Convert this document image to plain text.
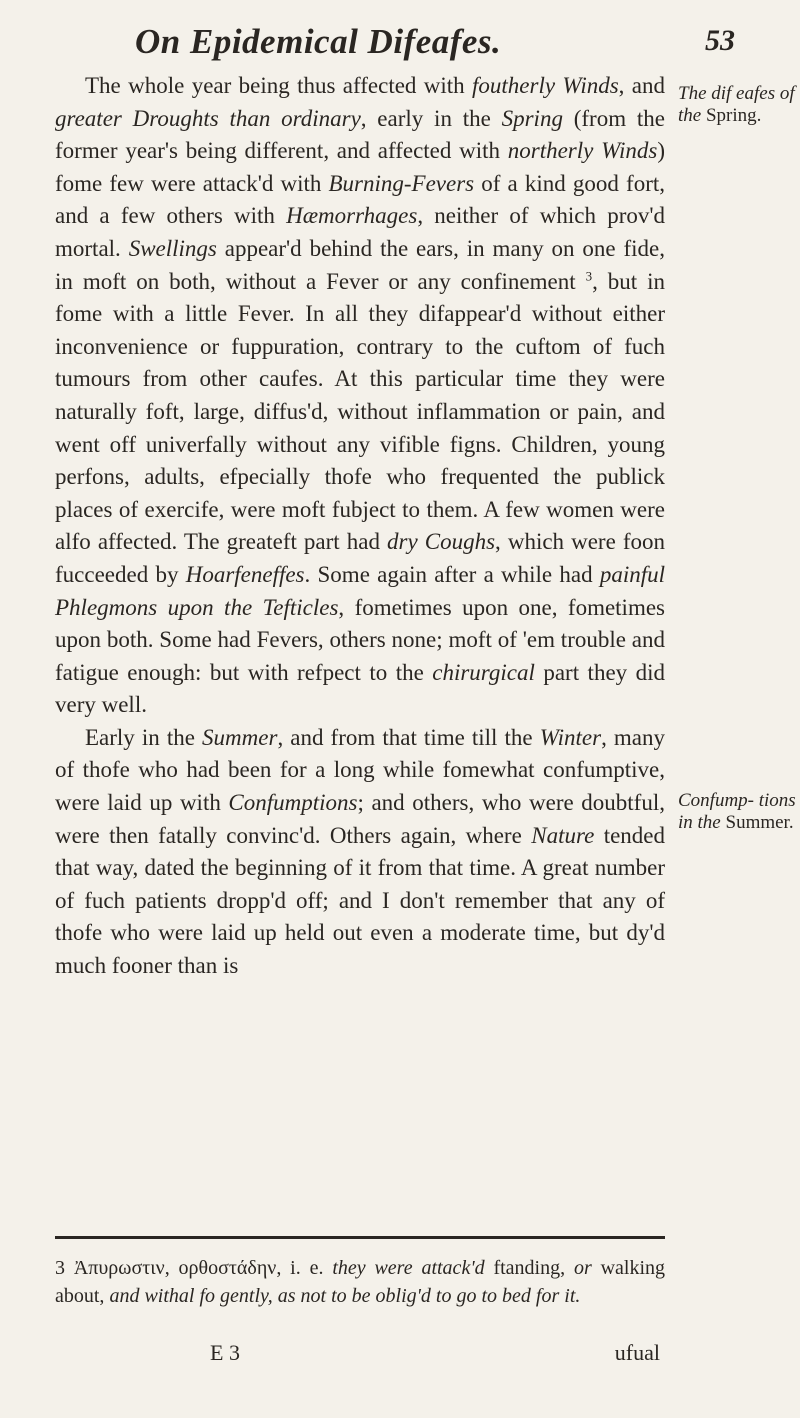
On Epidemical Difeafes.	53

The whole year being thus affected with foutherly Winds, and greater Droughts than ordinary, early in the Spring (from the former year's being different, and affected with northerly Winds) fome few were attack'd with Burning-Fevers of a kind good fort, and a few others with Hæmorrhages, neither of which prov'd mortal. Swellings appear'd behind the ears, in many on one fide, in moft on both, without a Fever or any confinement $^3$, but in fome with a little Fever. In all they difappear'd without either inconvenience or fuppuration, contrary to the cuftom of fuch tumours from other caufes. At this particular time they were naturally foft, large, diffus'd, without inflammation or pain, and went off univerfally without any vifible figns. Children, young perfons, adults, efpecially thofe who frequented the publick places of exercife, were moft fubject to them. A few women were alfo affected. The greateft part had dry Coughs, which were foon fucceeded by Hoarfeneffes. Some again after a while had painful Phlegmons upon the Tefticles, fometimes upon one, fometimes upon both. Some had Fevers, others none; moft of 'em trouble and fatigue enough: but with refpect to the chirurgical part they did very well.

Early in the Summer, and from that time till the Winter, many of thofe who had been for a long while fomewhat confumptive, were laid up with Confumptions; and others, who were doubtful, were then fatally convinc'd. Others again, where Nature tended that way, dated the beginning of it from that time. A great number of fuch patients dropp'd off; and I don't remember that any of thofe who were laid up held out even a moderate time, but dy'd much fooner than is

The dif eafes of the Spring.
Confump- tions in the Summer.
3 Ἀπυρωστιν, ορθοστάδην, i. e. they were attack'd ftanding, or walking about, and withal fo gently, as not to be oblig'd to go to bed for it.
E 3	ufual
